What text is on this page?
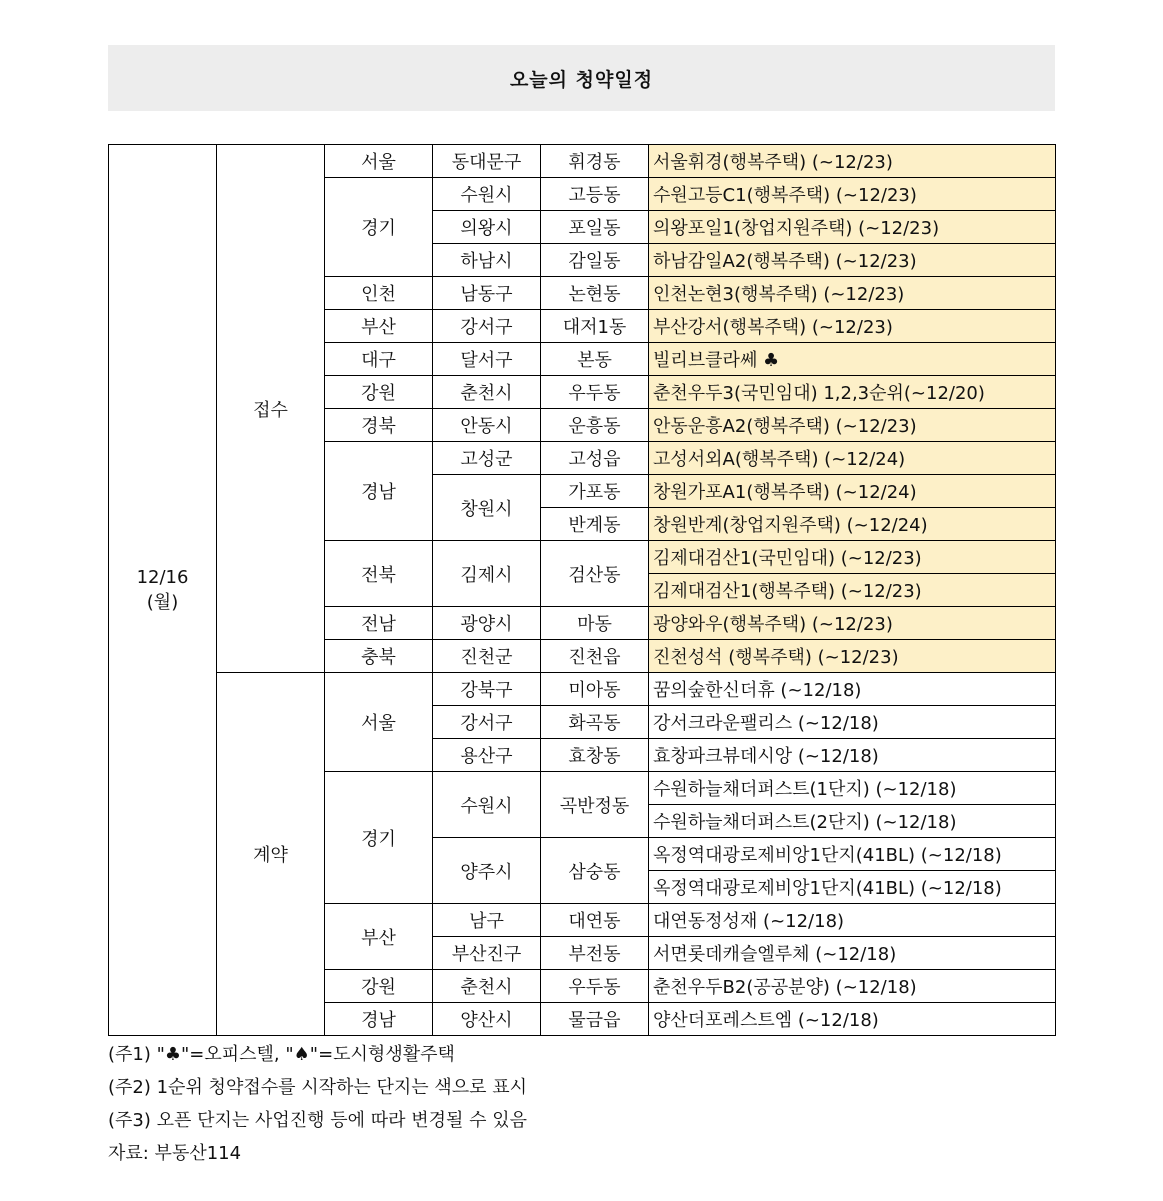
오늘의 청약일정
12/16
(월)	접수	서울	동대문구	휘경동	서울휘경(행복주택) (~12/23)
		경기	수원시	고등동	수원고등C1(행복주택) (~12/23)
			의왕시	포일동	의왕포일1(창업지원주택) (~12/23)
			하남시	감일동	하남감일A2(행복주택) (~12/23)
		인천	남동구	논현동	인천논현3(행복주택) (~12/23)
		부산	강서구	대저1동	부산강서(행복주택) (~12/23)
		대구	달서구	본동	빌리브클라쎄 ♣
		강원	춘천시	우두동	춘천우두3(국민임대) 1,2,3순위(~12/20)
		경북	안동시	운흥동	안동운흥A2(행복주택) (~12/23)
		경남	고성군	고성읍	고성서외A(행복주택) (~12/24)
			창원시	가포동	창원가포A1(행복주택) (~12/24)
				반계동	창원반계(창업지원주택) (~12/24)
		전북	김제시	검산동	김제대검산1(국민임대) (~12/23)
					김제대검산1(행복주택) (~12/23)
		전남	광양시	마동	광양와우(행복주택) (~12/23)
		충북	진천군	진천읍	진천성석 (행복주택) (~12/23)
	계약	서울	강북구	미아동	꿈의숲한신더휴 (~12/18)
			강서구	화곡동	강서크라운팰리스 (~12/18)
			용산구	효창동	효창파크뷰데시앙 (~12/18)
		경기	수원시	곡반정동	수원하늘채더퍼스트(1단지) (~12/18)
					수원하늘채더퍼스트(2단지) (~12/18)
			양주시	삼숭동	옥정역대광로제비앙1단지(41BL) (~12/18)
					옥정역대광로제비앙1단지(41BL) (~12/18)
		부산	남구	대연동	대연동정성재 (~12/18)
			부산진구	부전동	서면롯데캐슬엘루체 (~12/18)
		강원	춘천시	우두동	춘천우두B2(공공분양) (~12/18)
		경남	양산시	물금읍	양산더포레스트엠 (~12/18)
(주1) "♣"=오피스텔, "♠"=도시형생활주택
(주2) 1순위 청약접수를 시작하는 단지는 색으로 표시
(주3) 오픈 단지는 사업진행 등에 따라 변경될 수 있음
자료: 부동산114
